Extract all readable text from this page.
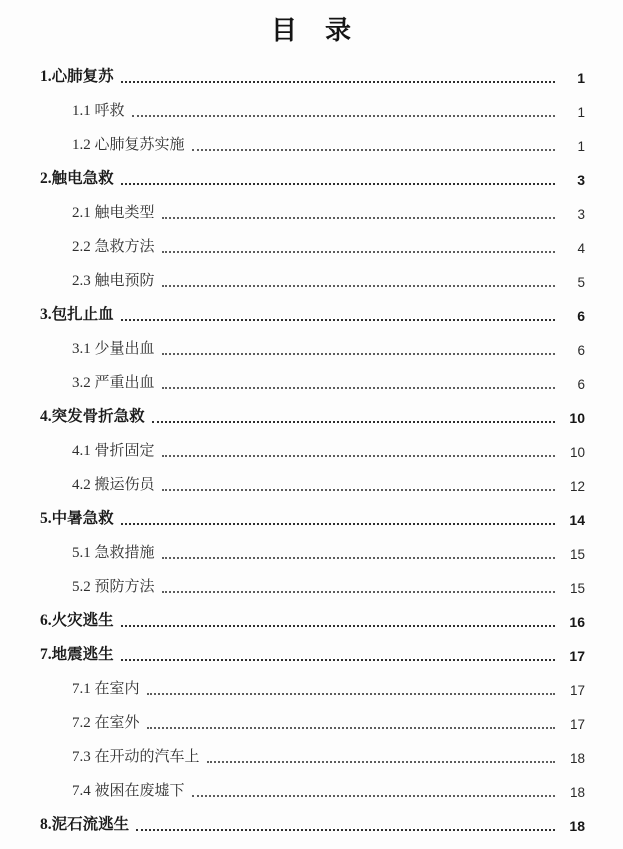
目　录
1.心肺复苏	1
1.1 呼救	1
1.2 心肺复苏实施	1
2.触电急救	3
2.1 触电类型	3
2.2 急救方法	4
2.3 触电预防	5
3.包扎止血	6
3.1 少量出血	6
3.2 严重出血	6
4.突发骨折急救	10
4.1 骨折固定	10
4.2 搬运伤员	12
5.中暑急救	14
5.1 急救措施	15
5.2 预防方法	15
6.火灾逃生	16
7.地震逃生	17
7.1 在室内	17
7.2 在室外	17
7.3 在开动的汽车上	18
7.4 被困在废墟下	18
8.泥石流逃生	18
